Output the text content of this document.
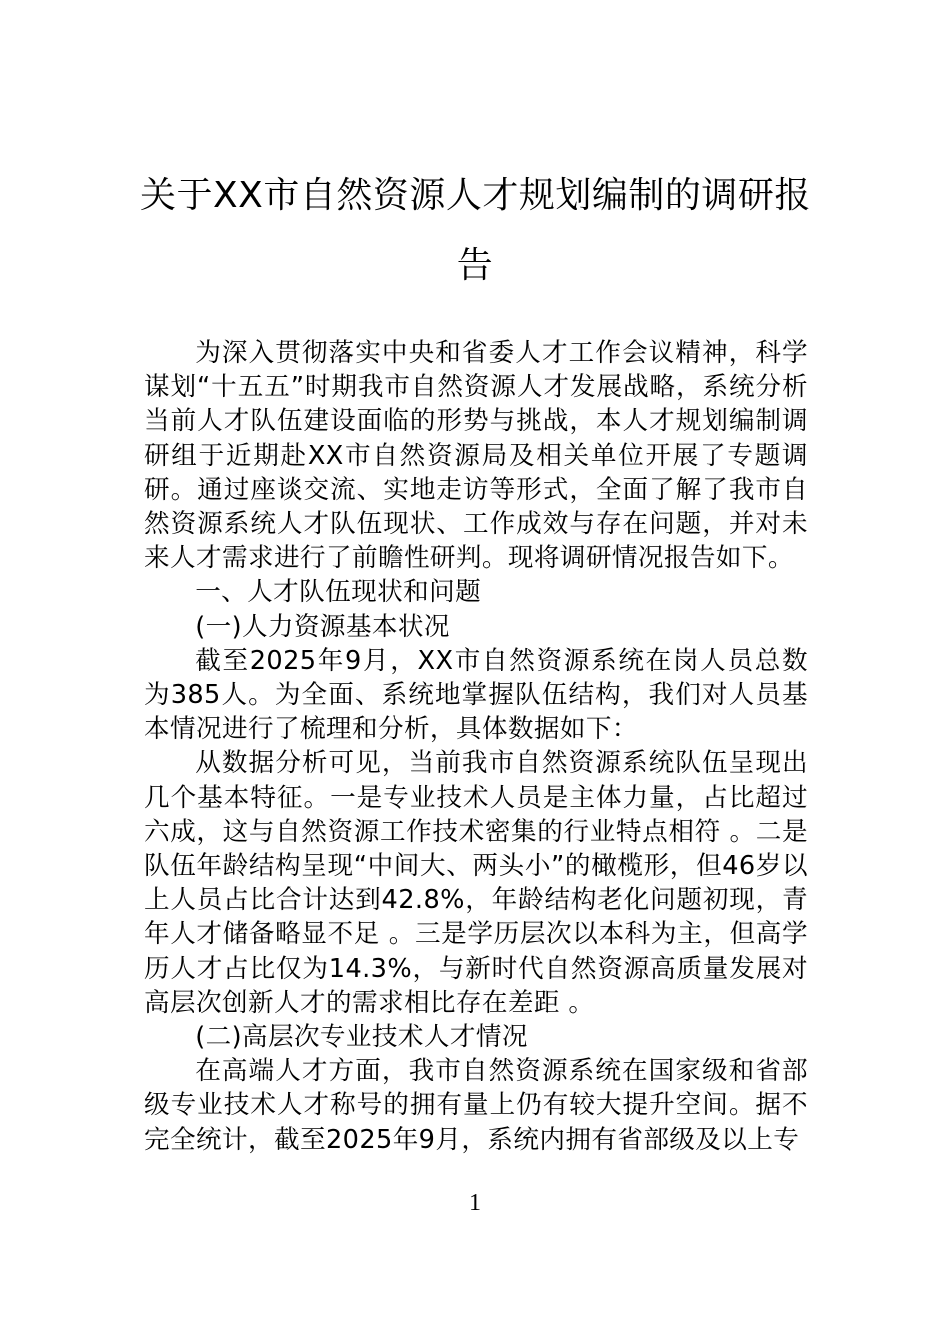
关于XX市自然资源人才规划编制的调研报
告

为深入贯彻落实中央和省委人才工作会议精神，科学谋划“十五五”时期我市自然资源人才发展战略，系统分析当前人才队伍建设面临的形势与挑战，本人才规划编制调研组于近期赴XX市自然资源局及相关单位开展了专题调研。通过座谈交流、实地走访等形式，全面了解了我市自然资源系统人才队伍现状、工作成效与存在问题，并对未来人才需求进行了前瞻性研判。现将调研情况报告如下。

一、人才队伍现状和问题

(一)人力资源基本状况

截至2025年9月，XX市自然资源系统在岗人员总数为385人。为全面、系统地掌握队伍结构，我们对人员基本情况进行了梳理和分析，具体数据如下：

从数据分析可见，当前我市自然资源系统队伍呈现出几个基本特征。一是专业技术人员是主体力量，占比超过六成，这与自然资源工作技术密集的行业特点相符 。二是队伍年龄结构呈现“中间大、两头小”的橄榄形，但46岁以上人员占比合计达到42.8%，年龄结构老化问题初现，青年人才储备略显不足 。三是学历层次以本科为主，但高学历人才占比仅为14.3%，与新时代自然资源高质量发展对高层次创新人才的需求相比存在差距 。

(二)高层次专业技术人才情况

在高端人才方面，我市自然资源系统在国家级和省部级专业技术人才称号的拥有量上仍有较大提升空间。据不完全统计，截至2025年9月，系统内拥有省部级及以上专

1
